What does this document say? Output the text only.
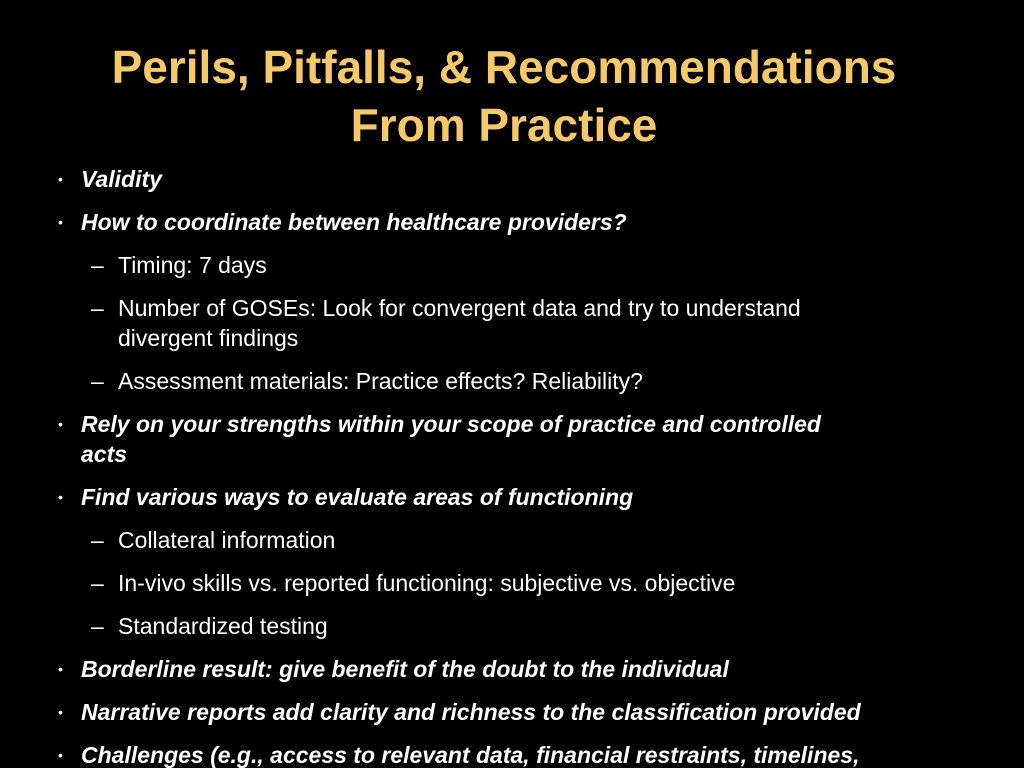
Perils, Pitfalls, & Recommendations
From Practice
• Validity
• How to coordinate between healthcare providers?
– Timing: 7 days
– Number of GOSEs: Look for convergent data and try to understand
divergent findings
– Assessment materials: Practice effects? Reliability?
• Rely on your strengths within your scope of practice and controlled
acts
• Find various ways to evaluate areas of functioning
– Collateral information
– In-vivo skills vs. reported functioning: subjective vs. objective
– Standardized testing
• Borderline result: give benefit of the doubt to the individual
• Narrative reports add clarity and richness to the classification provided
• Challenges (e.g., access to relevant data, financial restraints, timelines,
